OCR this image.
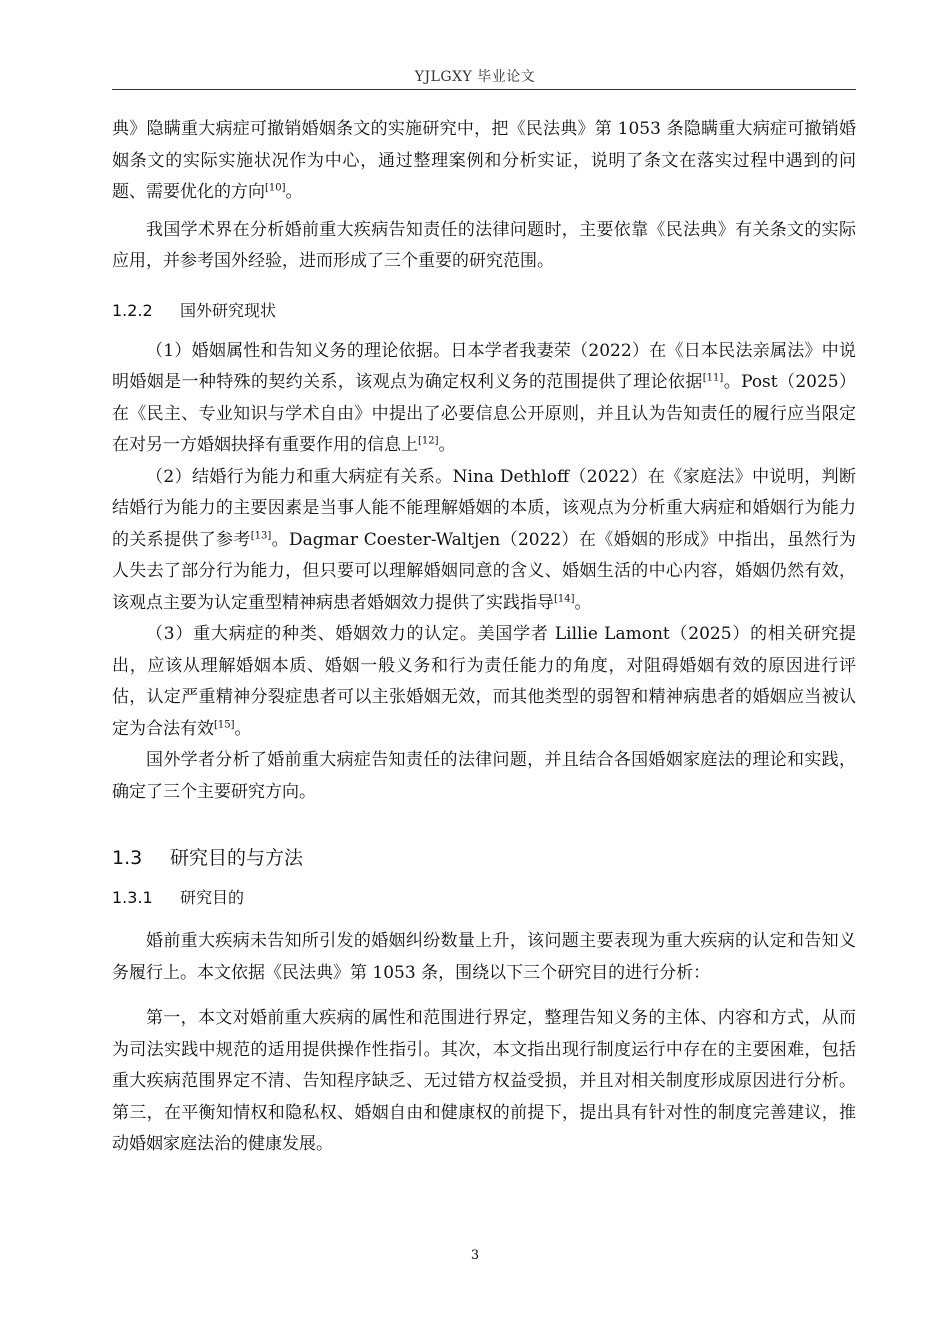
YJLGXY 毕业论文

典》隐瞒重大病症可撤销婚姻条文的实施研究中，把《民法典》第 1053 条隐瞒重大病症可撤销婚姻条文的实际实施状况作为中心，通过整理案例和分析实证，说明了条文在落实过程中遇到的问题、需要优化的方向[10]。

我国学术界在分析婚前重大疾病告知责任的法律问题时，主要依靠《民法典》有关条文的实际应用，并参考国外经验，进而形成了三个重要的研究范围。

1.2.2 国外研究现状

（1）婚姻属性和告知义务的理论依据。日本学者我妻荣（2022）在《日本民法亲属法》中说明婚姻是一种特殊的契约关系，该观点为确定权利义务的范围提供了理论依据[11]。Post（2025）在《民主、专业知识与学术自由》中提出了必要信息公开原则，并且认为告知责任的履行应当限定在对另一方婚姻抉择有重要作用的信息上[12]。

（2）结婚行为能力和重大病症有关系。Nina Dethloff（2022）在《家庭法》中说明，判断结婚行为能力的主要因素是当事人能不能理解婚姻的本质，该观点为分析重大病症和婚姻行为能力的关系提供了参考[13]。Dagmar Coester-Waltjen（2022）在《婚姻的形成》中指出，虽然行为人失去了部分行为能力，但只要可以理解婚姻同意的含义、婚姻生活的中心内容，婚姻仍然有效，该观点主要为认定重型精神病患者婚姻效力提供了实践指导[14]。

（3）重大病症的种类、婚姻效力的认定。美国学者 Lillie Lamont（2025）的相关研究提出，应该从理解婚姻本质、婚姻一般义务和行为责任能力的角度，对阻碍婚姻有效的原因进行评估，认定严重精神分裂症患者可以主张婚姻无效，而其他类型的弱智和精神病患者的婚姻应当被认定为合法有效[15]。

国外学者分析了婚前重大病症告知责任的法律问题，并且结合各国婚姻家庭法的理论和实践，确定了三个主要研究方向。

1.3 研究目的与方法
1.3.1 研究目的

婚前重大疾病未告知所引发的婚姻纠纷数量上升，该问题主要表现为重大疾病的认定和告知义务履行上。本文依据《民法典》第 1053 条，围绕以下三个研究目的进行分析：

第一，本文对婚前重大疾病的属性和范围进行界定，整理告知义务的主体、内容和方式，从而为司法实践中规范的适用提供操作性指引。其次，本文指出现行制度运行中存在的主要困难，包括重大疾病范围界定不清、告知程序缺乏、无过错方权益受损，并且对相关制度形成原因进行分析。第三，在平衡知情权和隐私权、婚姻自由和健康权的前提下，提出具有针对性的制度完善建议，推动婚姻家庭法治的健康发展。

3
